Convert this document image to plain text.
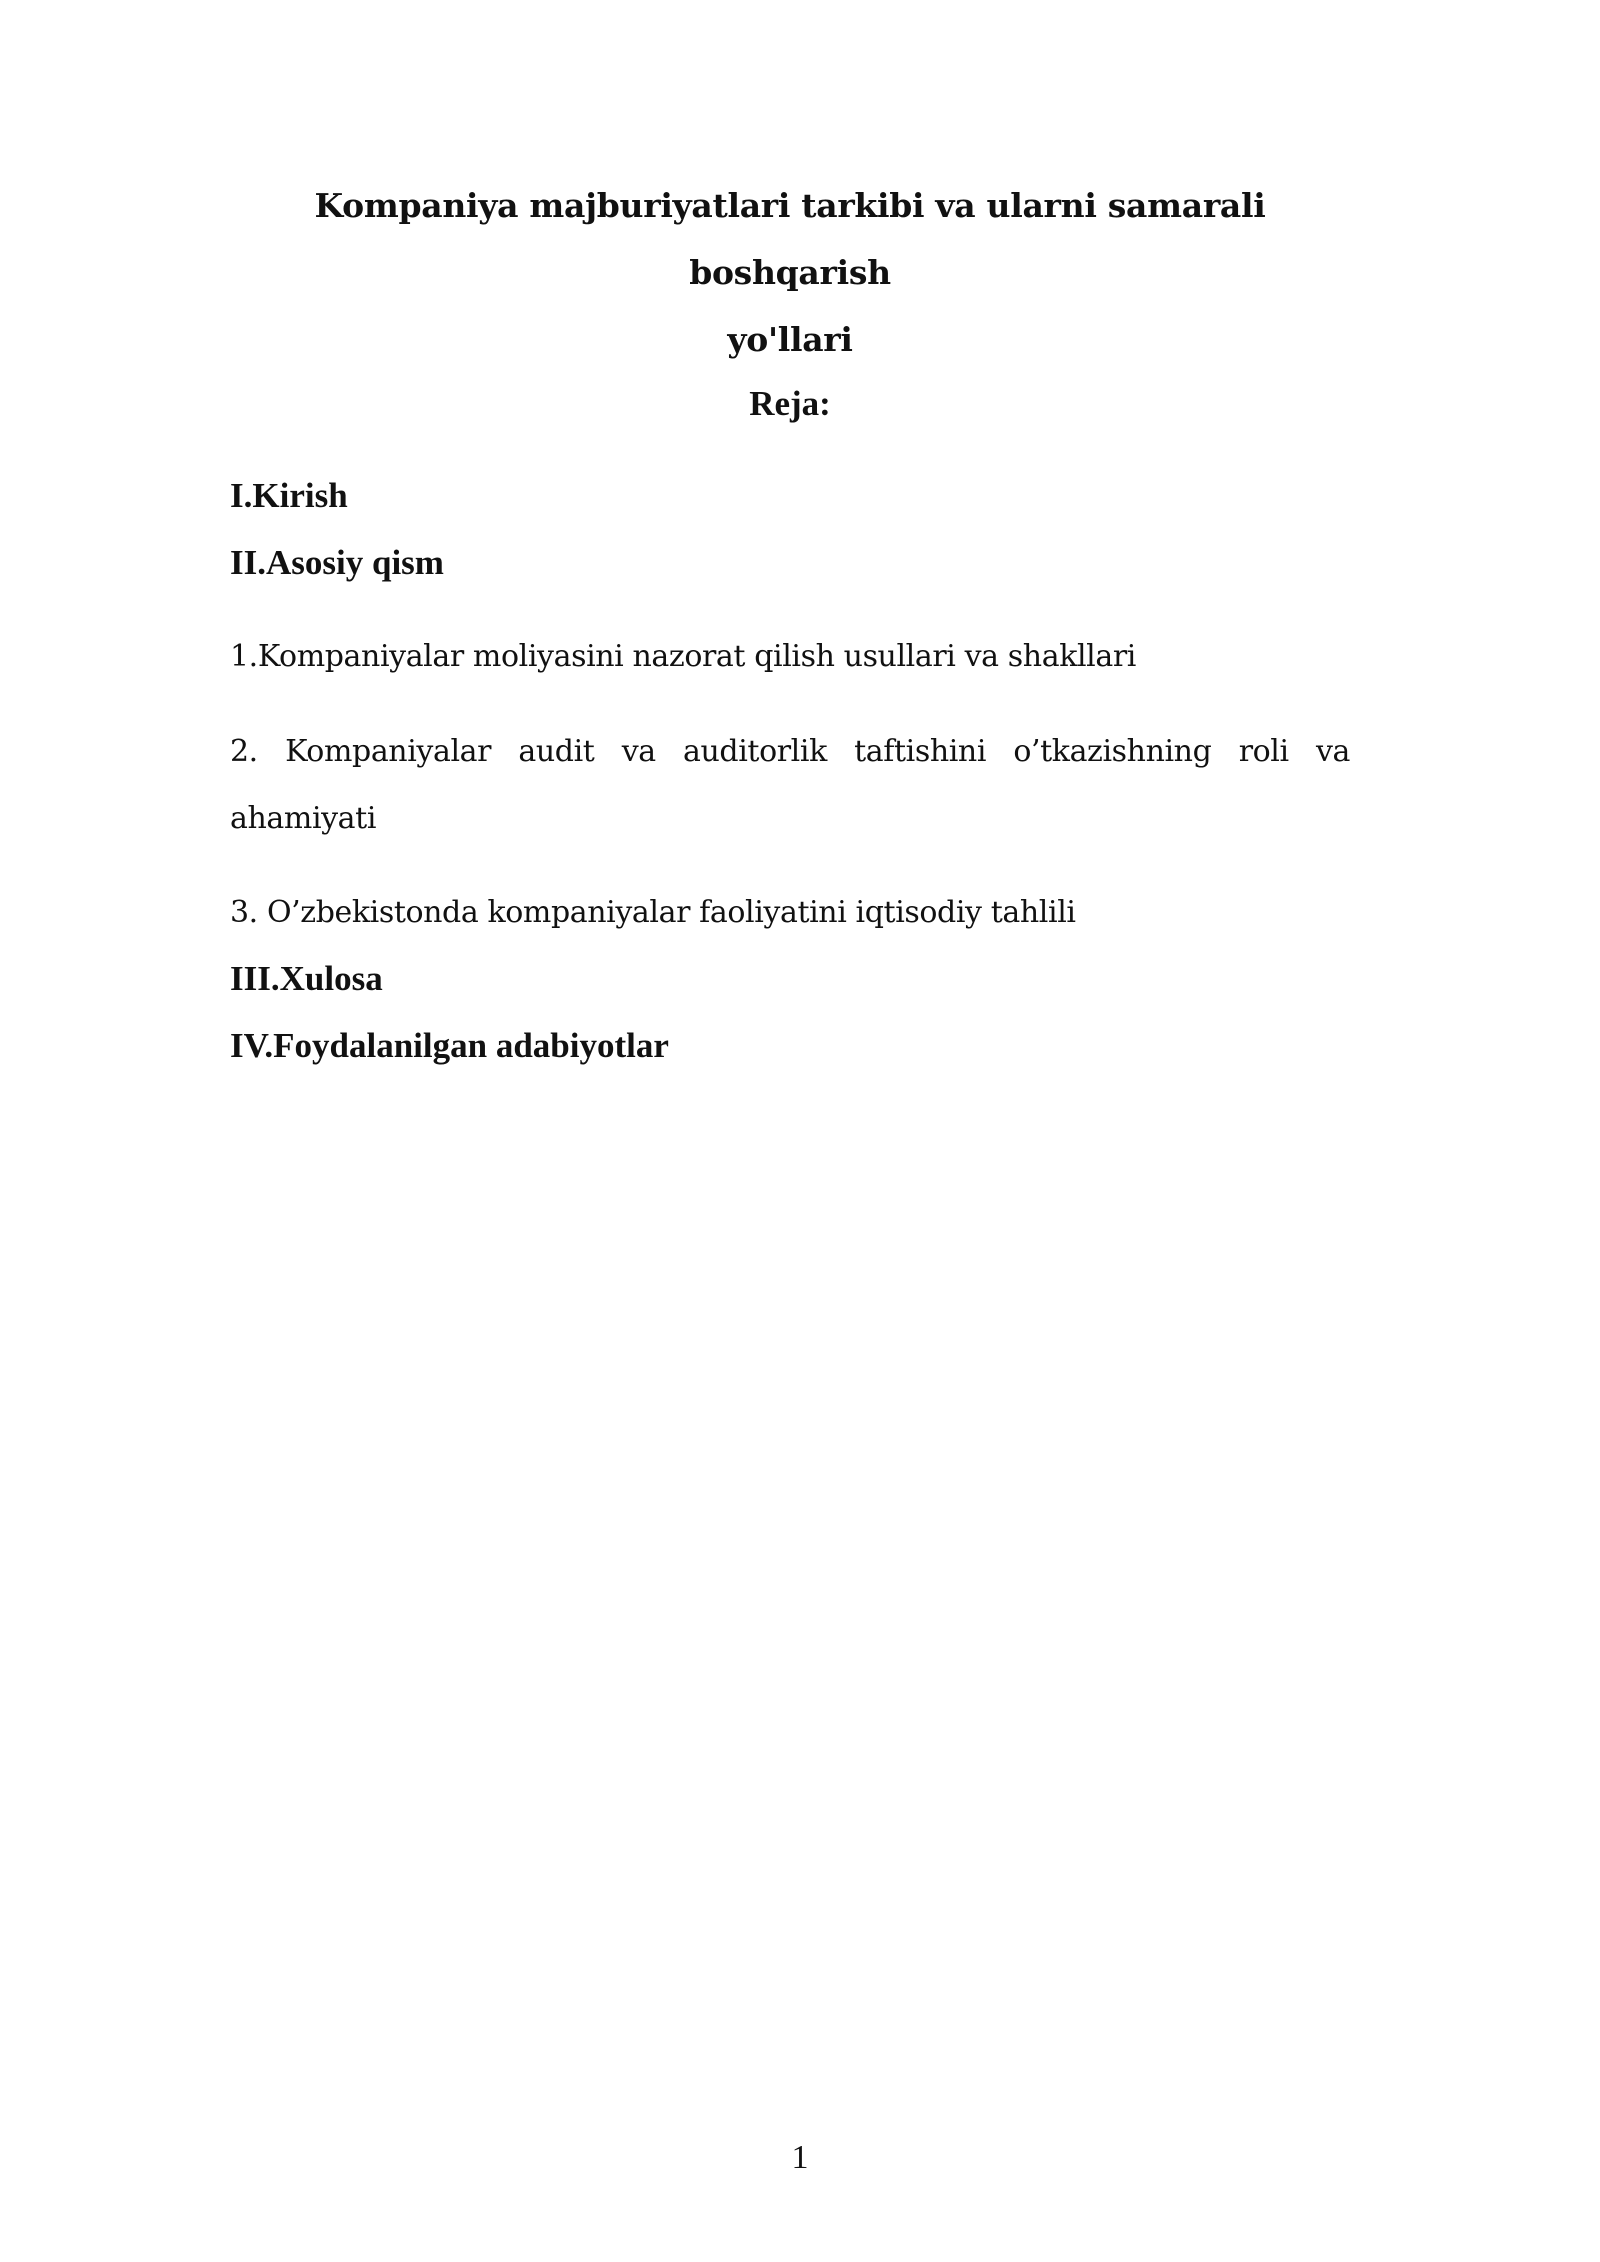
Kompaniya majburiyatlari tarkibi va ularni samarali boshqarish
yo'llari

Reja:

I.Kirish

II.Asosiy qism

1.Kompaniyalar moliyasini nazorat qilish usullari va shakllari

2. Kompaniyalar audit va auditorlik taftishini o’tkazishning roli va
ahamiyati

3. O’zbekistonda kompaniyalar faoliyatini iqtisodiy tahlili

III.Xulosa

IV.Foydalanilgan adabiyotlar

1
